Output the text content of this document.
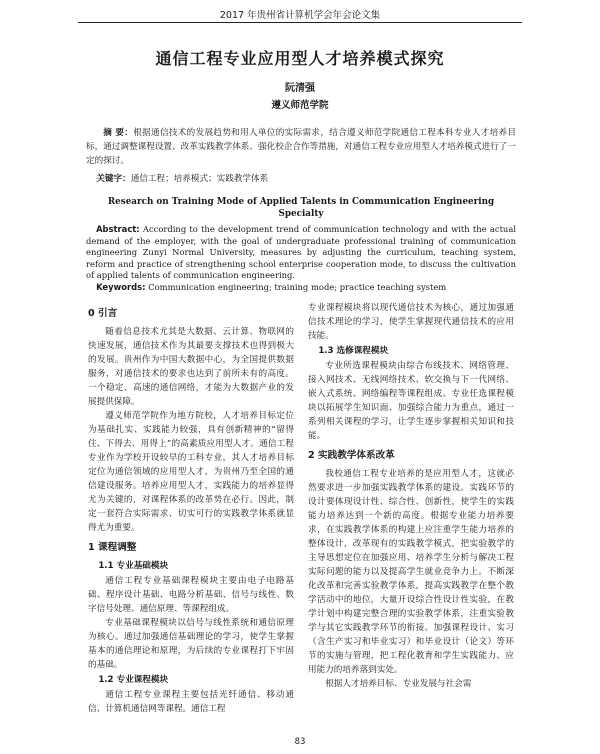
2017 年贵州省计算机学会年会论文集
通信工程专业应用型人才培养模式探究
阮清强
遵义师范学院
摘 要：根据通信技术的发展趋势和用人单位的实际需求，结合遵义师范学院通信工程本科专业人才培养目标，通过调整课程设置、改革实践教学体系、强化校企合作等措施，对通信工程专业应用型人才培养模式进行了一定的探讨。
关键字：通信工程；培养模式；实践教学体系
Research on Training Mode of Applied Talents in Communication Engineering Specialty
Abstract: According to the development trend of communication technology and with the actual demand of the employer, with the goal of undergraduate professional training of communication engineering Zunyi Normal University, measures by adjusting the curriculum, teaching system, reform and practice of strengthening school enterprise cooperation mode, to discuss the cultivation of applied talents of communication engineering.
Keywords: Communication engineering; training mode; practice teaching system
0 引言

随着信息技术尤其是大数据、云计算、物联网的快速发展，通信技术作为其最要支撑技术也得到极大的发展。贵州作为中国大数据中心，为全国提供数据服务，对通信技术的要求也达到了前所未有的高度。一个稳定、高速的通信网络，才能为大数据产业的发展提供保障。

遵义师范学院作为地方院校，人才培养目标定位为基础扎实、实践能力较强，具有创新精神的“留得住、下得去、用得上”的高素质应用型人才。通信工程专业作为学校开设较早的工科专业，其人才培养目标定位为通信领域的应用型人才，为贵州乃至全国的通信建设服务。培养应用型人才，实践能力的培养显得尤为关键的，对课程体系的改革势在必行。因此，制定一套符合实际需求、切实可行的实践教学体系就显得尤为重要。

1 课程调整
1.1 专业基础模块

通信工程专业基础课程模块主要由电子电路基础、程序设计基础、电路分析基础、信号与线性、数字信号处理、通信原理、等课程组成。

专业基础课程模块以信号与线性系统和通信原理为核心。通过加强通信基础理论的学习，使学生掌握基本的通信理论和原理，为后续的专业课程打下牢固的基础。

1.2 专业课程模块

通信工程专业课程主要包括光纤通信、移动通信、计算机通信网等课程。通信工程

专业课程模块将以现代通信技术为核心，通过加强通信技术理论的学习，使学生掌握现代通信技术的应用技能。

1.3 选修课程模块

专业所选课程模块由综合布线技术、网络管理、接入网技术、无线网络技术、软交换与下一代网络、嵌入式系统、网络编程等课程组成。专业任选课程模块以拓展学生知识面、加强综合能力为重点，通过一系列相关课程的学习，让学生逐步掌握相关知识和技能。

2 实践教学体系改革

我校通信工程专业培养的是应用型人才，这就必然要求进一步加强实践教学体系的建设。实践环节的设计要体现设计性、综合性、创新性，使学生的实践能力培养达到一个新的高度。根据专业能力培养要求，在实践教学体系的构建上应注重学生能力培养的整体设计，改革现有的实践教学模式，把实验教学的主导思想定位在加强应用、培养学生分析与解决工程实际问题的能力以及提高学生就业竞争力上。不断深化改革和完善实验教学体系，提高实践教学在整个教学活动中的地位，大量开设综合性设计性实验，在教学计划中构建完整合理的实验教学体系，注重实验教学与其它实践教学环节的衔接。加强课程设计、实习（含生产实习和毕业实习）和毕业设计（论文）等环节的实施与管理，把工程化教育和学生实践能力、应用能力的培养落到实处。

根据人才培养目标、专业发展与社会需

83
